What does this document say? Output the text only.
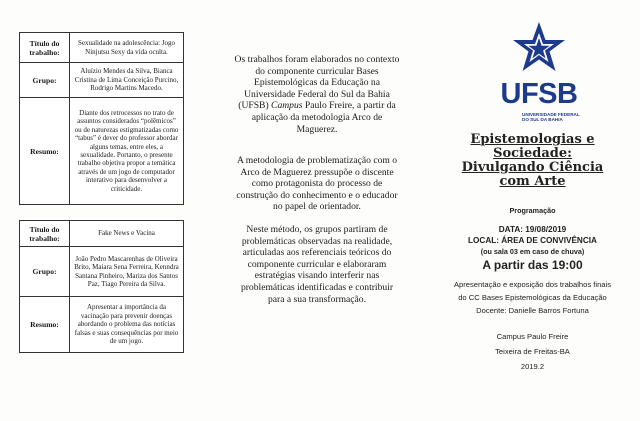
Título do trabalho:	Sexualidade na adolescência: Jogo Ninjutsu Sexy da vida oculta.
Grupo:	Aluízio Mendes da Silva, Bianca Cristina de Lima Conceição Purcino, Rodrigo Martins Macedo.
Resumo:	Diante dos retrocessos no trato de assuntos considerados “polêmicos” ou de naturezas estigmatizadas como “tabus” é dever do professor abordar alguns temas, entre eles, a sexualidade. Portanto, o presente trabalho objetiva propor a temática através de um jogo de computador interativo para desenvolver a criticidade.
Título do trabalho:	Fake News e Vacina
Grupo:	João Pedro Mascarenhas de Oliveira Brito, Maiara Sena Ferreira, Kenndra Santana Pinheiro, Mariza dos Santos Paz, Tiago Pereira da Silva.
Resumo:	Apresentar a importância da vacinação para prevenir doenças abordando o problema das notícias falsas e suas consequências por meio de um jogo.
Os trabalhos foram elaborados no contexto do componente curricular Bases Epistemológicas da Educação na Universidade Federal do Sul da Bahia (UFSB) Campus Paulo Freire, a partir da aplicação da metodologia Arco de Maguerez.
A metodologia de problematização com o Arco de Maguerez pressupõe o discente como protagonista do processo de construção do conhecimento e o educador no papel de orientador.
Neste método, os grupos partiram de problemáticas observadas na realidade, articuladas aos referenciais teóricos do componente curricular e elaboraram estratégias visando interferir nas problemáticas identificadas e contribuir para a sua transformação.
UFSB
UNIVERSIDADE FEDERAL
DO SUL DA BAHIA
Epistemologias e Sociedade: Divulgando Ciência com Arte
Programação
DATA: 19/08/2019
LOCAL: ÁREA DE CONVIVÊNCIA
(ou sala 03 em caso de chuva)
A partir das 19:00
Apresentação e exposição dos trabalhos finais
do CC Bases Epistemológicas da Educação
Docente: Danielle Barros Fortuna
Campus Paulo Freire
Teixeira de Freitas-BA
2019.2
